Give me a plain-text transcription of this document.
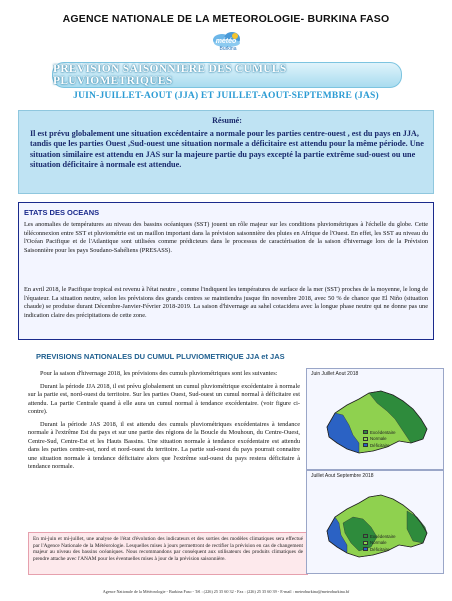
AGENCE NATIONALE DE LA METEOROLOGIE- BURKINA FASO
météo
Burkina
PREVISION SAISONNIERE DES CUMULS PLUVIOMETRIQUES
JUIN-JUILLET-AOUT (JJA) ET JUILLET-AOUT-SEPTEMBRE (JAS)
Résumé:

Il est prévu globalement une situation excédentaire a normale pour les parties centre-ouest , est du pays en JJA, tandis que les parties Ouest ,Sud-ouest une situation normale a déficitaire est attendu pour la même période. Une situation similaire est attendu en JAS sur la majeure partie du pays excepté la partie extrême sud-ouest ou une situation déficitaire à normale est attendue.

ETATS DES OCEANS
Les anomalies de températures au niveau des bassins océaniques (SST) jouent un rôle majeur sur les conditions pluviométriques à l'échelle du globe. Cette téléconnexion entre SST et pluviométrie est un maillon important dans la prévision saisonnière des pluies en Afrique de l'Ouest. En effet, les SST au niveau du l'Océan Pacifique et de l'Atlantique sont utilisées comme prédicteurs dans le processus de caractérisation de la saison d'hivernage lors de la Prévision Saisonnière pour les pays Soudano-Sahéliens (PRESASS).
En avril 2018, le Pacifique tropical est revenu à l'état neutre , comme l'indiquent les températures de surface de la mer (SST) proches de la moyenne, le long de l'équateur. La situation neutre, selon les prévisions des grands centres se maintiendra jusque fin novembre 2018, avec 50 % de chance que El Niño (situation chaude) se produise durant Décembre-Janvier-Février 2018-2019. La saison d'hivernage au sahel cotacidera avec la longue phase neutre qui ne donne pas une indication claire des précipitations de cette zone.
PREVISIONS NATIONALES DU CUMUL PLUVIOMETRIQUE JJA et JAS

Pour la saison d'hivernage 2018, les prévisions des cumuls pluviométriques sont les suivantes:

Durant la période JJA 2018, il est prévu globalement un cumul pluviométrique excédentaire à normale sur la partie est, nord-ouest du territoire. Sur les parties Ouest, Sud-ouest un cumul normal à déficitaire est attendu. La partie Centrale quand à elle aura un cumul normal à tendance excédentaire. (voir figure ci-contre).

Durant la période JAS 2018, il est attendu des cumuls pluviométriques excédentaires à tendance normale à l'extrême Est du pays et sur une partie des régions de la Boucle du Mouhoun, du Centre-Ouest, Centre-Sud, Centre-Est et les Hauts Bassins. Une situation normale à tendance excédentaire est attendu dans les parties centre-est, nord et nord-ouest du territoire. La partie sud-ouest du pays pourrait connaitre une situation normale à tendance déficitaire alors que l'extrême sud-ouest du pays restera déficitaire à tendance normale.

En mi-juin et mi-juillet, une analyse de l'état d'évolution des indicateurs et des sorties des modèles climatiques sera effectué par l'Agence Nationale de la Météorologie. Lesquelles mises à jours permettront de rectifier la prévision en cas de changement majeur au niveau des bassins océaniques. Nous recommandons par conséquent aux utilisateurs des produits climatiques de prendre attache avec l'ANAM pour les éventuelles mises à jour de la prévision saisonnière.
Juin Juillet Aout 2018
Excédentaire
Normale
Déficitaire
Juillet Aout Septembre 2018
Excédentaire
Normale
Déficitaire
Agence Nationale de la Météorologie - Burkina Faso - Tél : (226) 25 35 60 32 - Fax : (226) 25 35 60 39 - E-mail : meteoburkina@meteoburkina.bf
